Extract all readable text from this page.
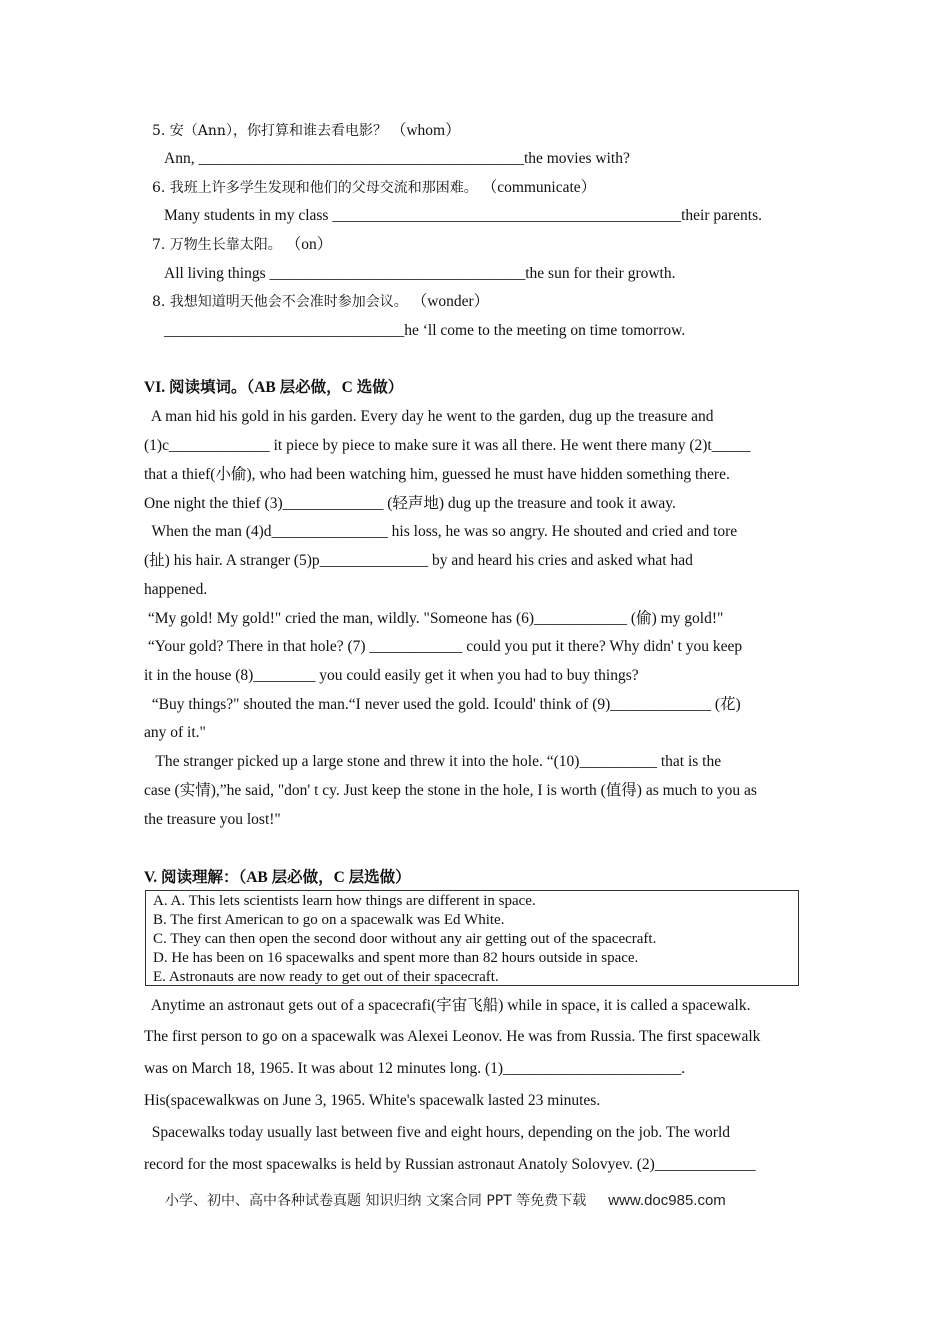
5. 安（Ann），你打算和谁去看电影？ （whom）
Ann, __________________________________________the movies with?
6. 我班上许多学生发现和他们的父母交流和那困难。 （communicate）
Many students in my class _____________________________________________their parents.
7. 万物生长靠太阳。 （on）
All living things _________________________________the sun for their growth.
8. 我想知道明天他会不会准时参加会议。 （wonder）
_______________________________he ‘ll come to the meeting on time tomorrow.
VI. 阅读填词。（AB 层必做，C 选做）
A man hid his gold in his garden. Every day he went to the garden, dug up the treasure and
(1)c_____________ it piece by piece to make sure it was all there. He went there many (2)t_____
that a thief(小偷), who had been watching him, guessed he must have hidden something there.
One night the thief (3)_____________ (轻声地) dug up the treasure and took it away.
When the man (4)d_______________ his loss, he was so angry. He shouted and cried and tore
(扯) his hair. A stranger (5)p______________ by and heard his cries and asked what had
happened.
“My gold! My gold!" cried the man, wildly. "Someone has (6)____________ (偷) my gold!"
“Your gold? There in that hole? (7) ____________ could you put it there? Why didn' t you keep
it in the house (8)________ you could easily get it when you had to buy things?
“Buy things?" shouted the man.“I never used the gold. Icould' think of (9)_____________ (花)
any of it."
The stranger picked up a large stone and threw it into the hole. “(10)__________ that is the
case (实情),”he said, "don' t cy. Just keep the stone in the hole, I is worth (值得) as much to you as
the treasure you lost!"
V. 阅读理解：（AB 层必做，C 层选做）
A. A. This lets scientists learn how things are different in space.
B. The first American to go on a spacewalk was Ed White.
C. They can then open the second door without any air getting out of the spacecraft.
D. He has been on 16 spacewalks and spent more than 82 hours outside in space.
E. Astronauts are now ready to get out of their spacecraft.
Anytime an astronaut gets out of a spacecrafi(宇宙飞船) while in space, it is called a spacewalk.
The first person to go on a spacewalk was Alexei Leonov. He was from Russia. The first spacewalk
was on March 18, 1965. It was about 12 minutes long. (1)_______________________.
His(spacewalkwas on June 3, 1965. White's spacewalk lasted 23 minutes.
Spacewalks today usually last between five and eight hours, depending on the job. The world
record for the most spacewalks is held by Russian astronaut Anatoly Solovyev. (2)_____________
小学、初中、高中各种试卷真题 知识归纳 文案合同 PPT 等免费下载 www.doc985.com
